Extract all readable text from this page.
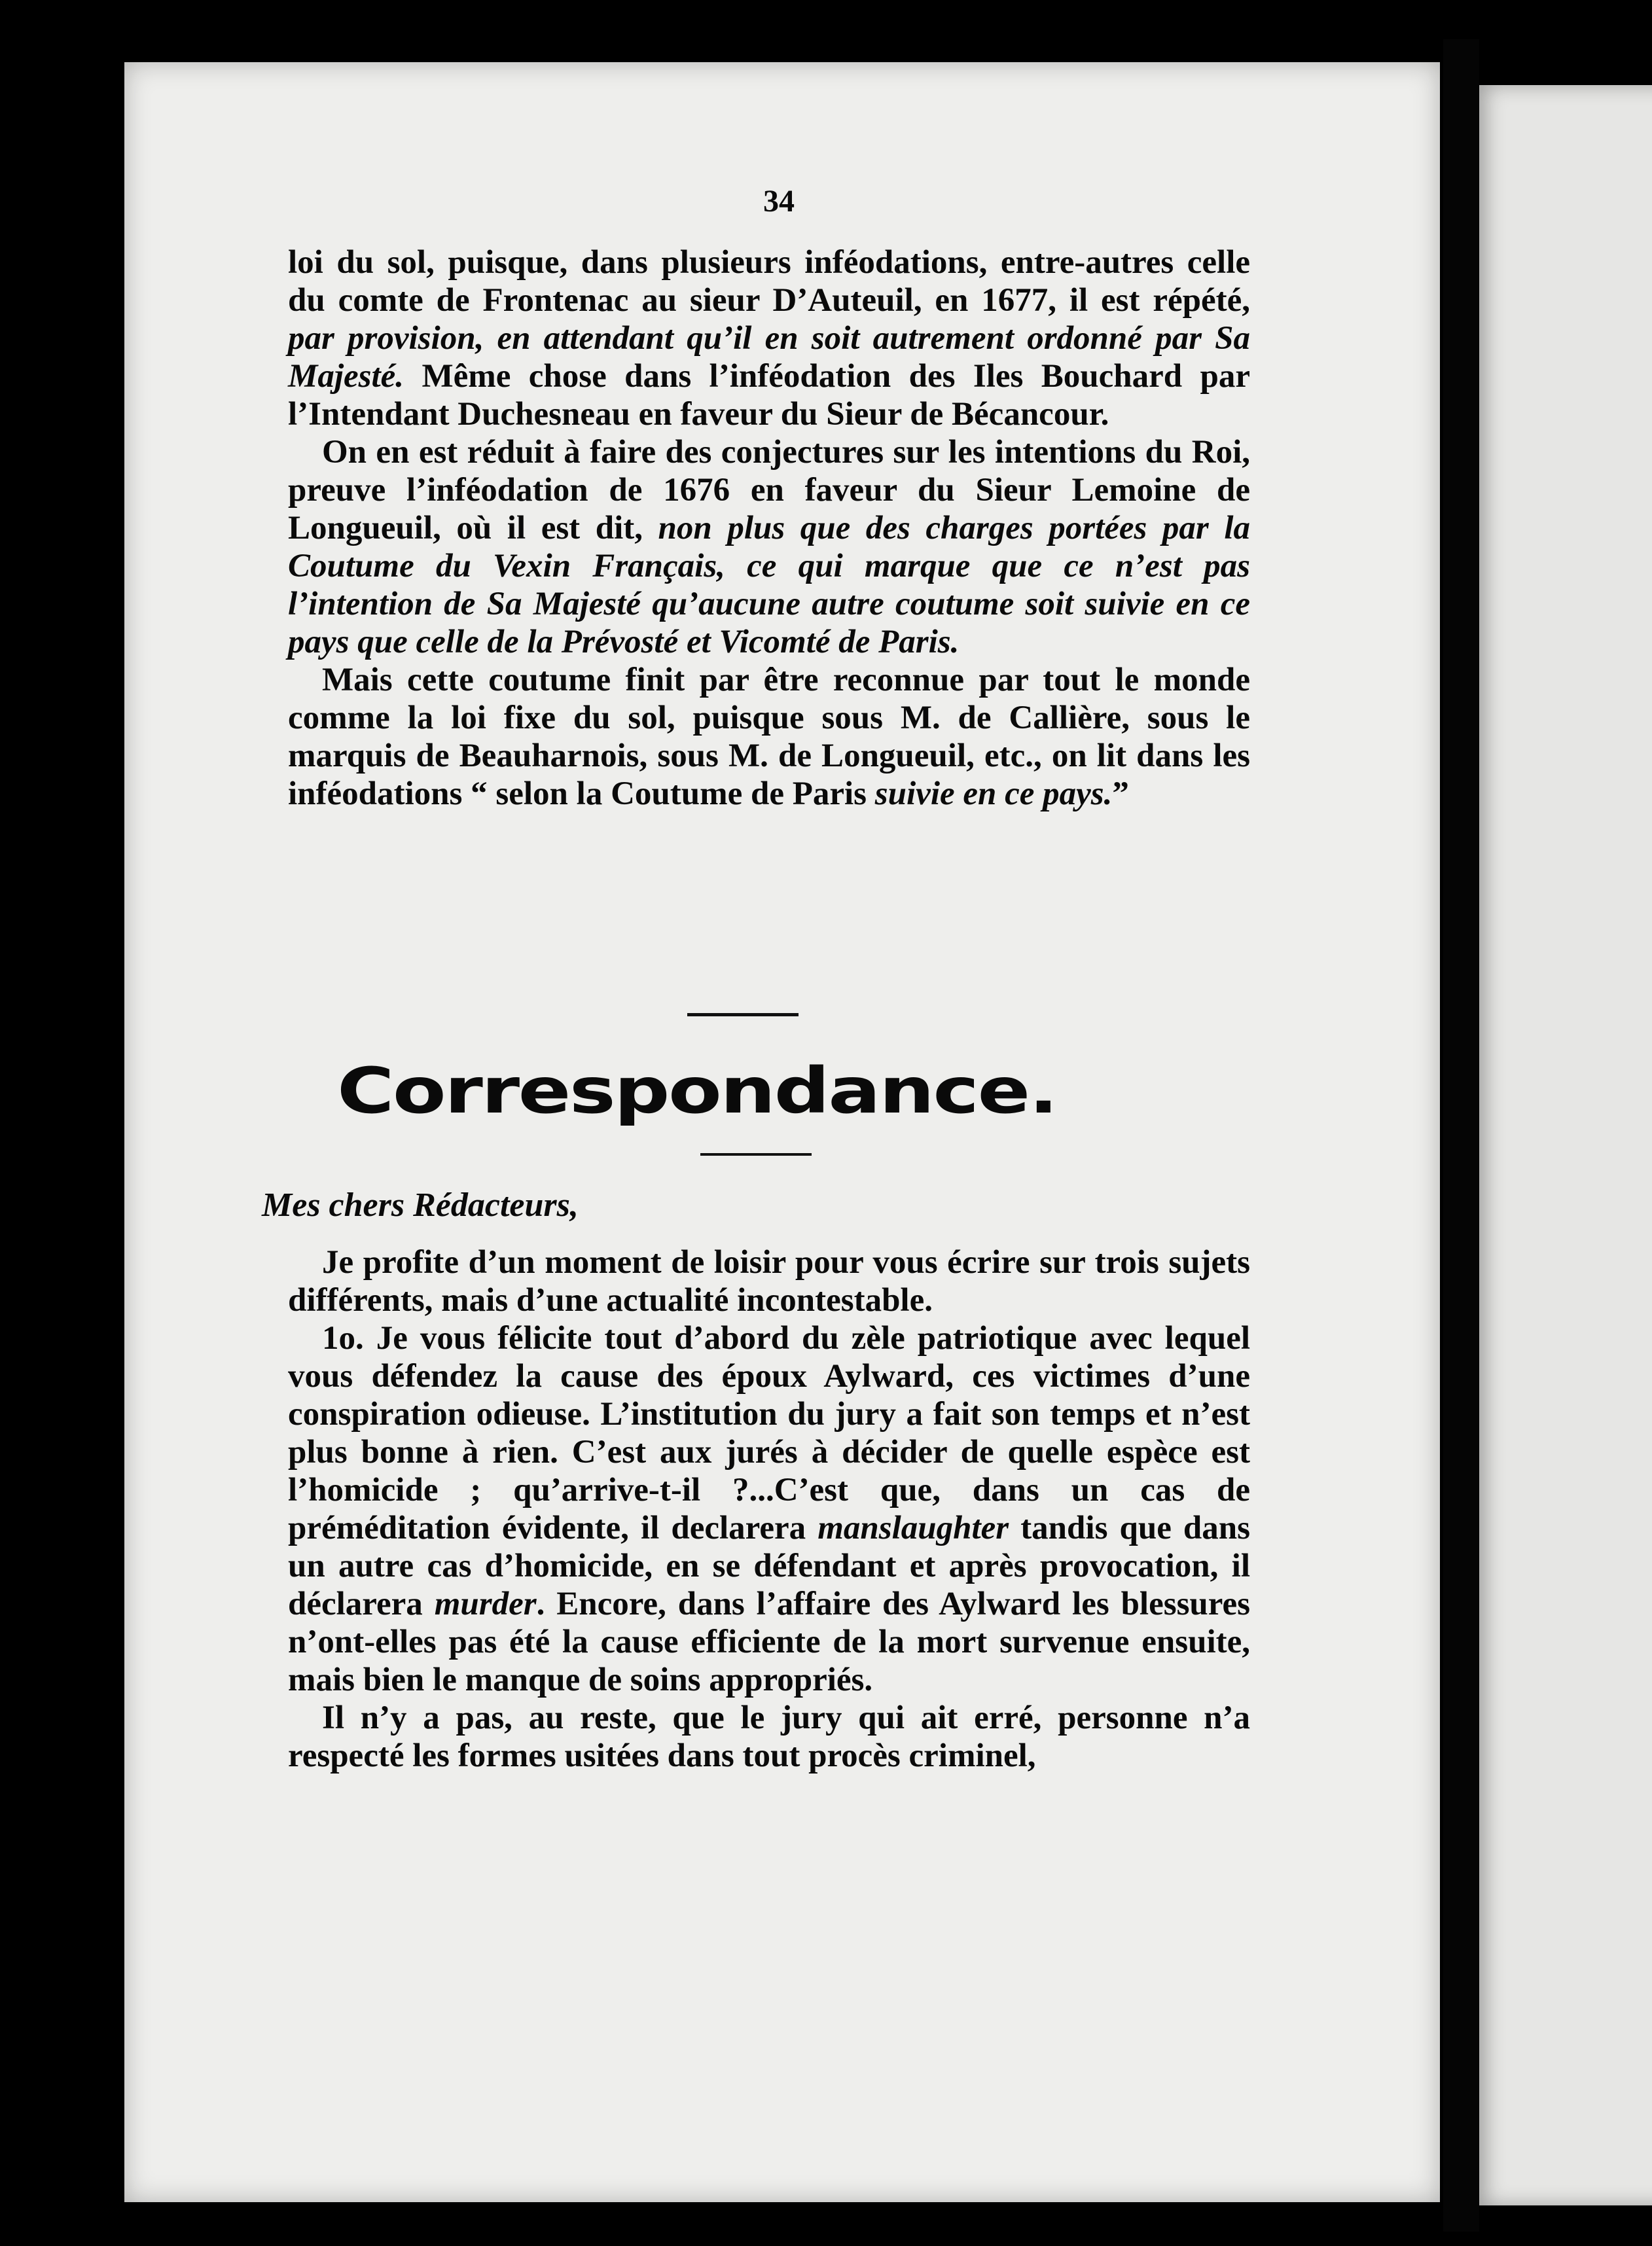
34

loi du sol, puisque, dans plusieurs inféodations, entre-autres celle du comte de Frontenac au sieur D’Auteuil, en 1677, il est répété, par provision, en attendant qu’il en soit autrement ordonné par Sa Majesté. Même chose dans l’inféodation des Iles Bouchard par l’Intendant Duchesneau en faveur du Sieur de Bécancour.

On en est réduit à faire des conjectures sur les intentions du Roi, preuve l’inféodation de 1676 en faveur du Sieur Lemoine de Longueuil, où il est dit, non plus que des charges portées par la Coutume du Vexin Français, ce qui marque que ce n’est pas l’intention de Sa Majesté qu’aucune autre coutume soit suivie en ce pays que celle de la Prévosté et Vicomté de Paris.

Mais cette coutume finit par être reconnue par tout le monde comme la loi fixe du sol, puisque sous M. de Callière, sous le marquis de Beauharnois, sous M. de Longueuil, etc., on lit dans les inféodations “ selon la Coutume de Paris suivie en ce pays.”

Correspondance.
Mes chers Rédacteurs,

Je profite d’un moment de loisir pour vous écrire sur trois sujets différents, mais d’une actualité incontestable.

1o. Je vous félicite tout d’abord du zèle patriotique avec lequel vous défendez la cause des époux Aylward, ces victimes d’une conspiration odieuse. L’institution du jury a fait son temps et n’est plus bonne à rien. C’est aux jurés à décider de quelle espèce est l’homicide ; qu’arrive-t-il ?...C’est que, dans un cas de préméditation évidente, il declarera manslaughter tandis que dans un autre cas d’homicide, en se défendant et après provocation, il déclarera murder. Encore, dans l’affaire des Aylward les blessures n’ont-elles pas été la cause efficiente de la mort survenue ensuite, mais bien le manque de soins appropriés.

Il n’y a pas, au reste, que le jury qui ait erré, personne n’a respecté les formes usitées dans tout procès criminel,
